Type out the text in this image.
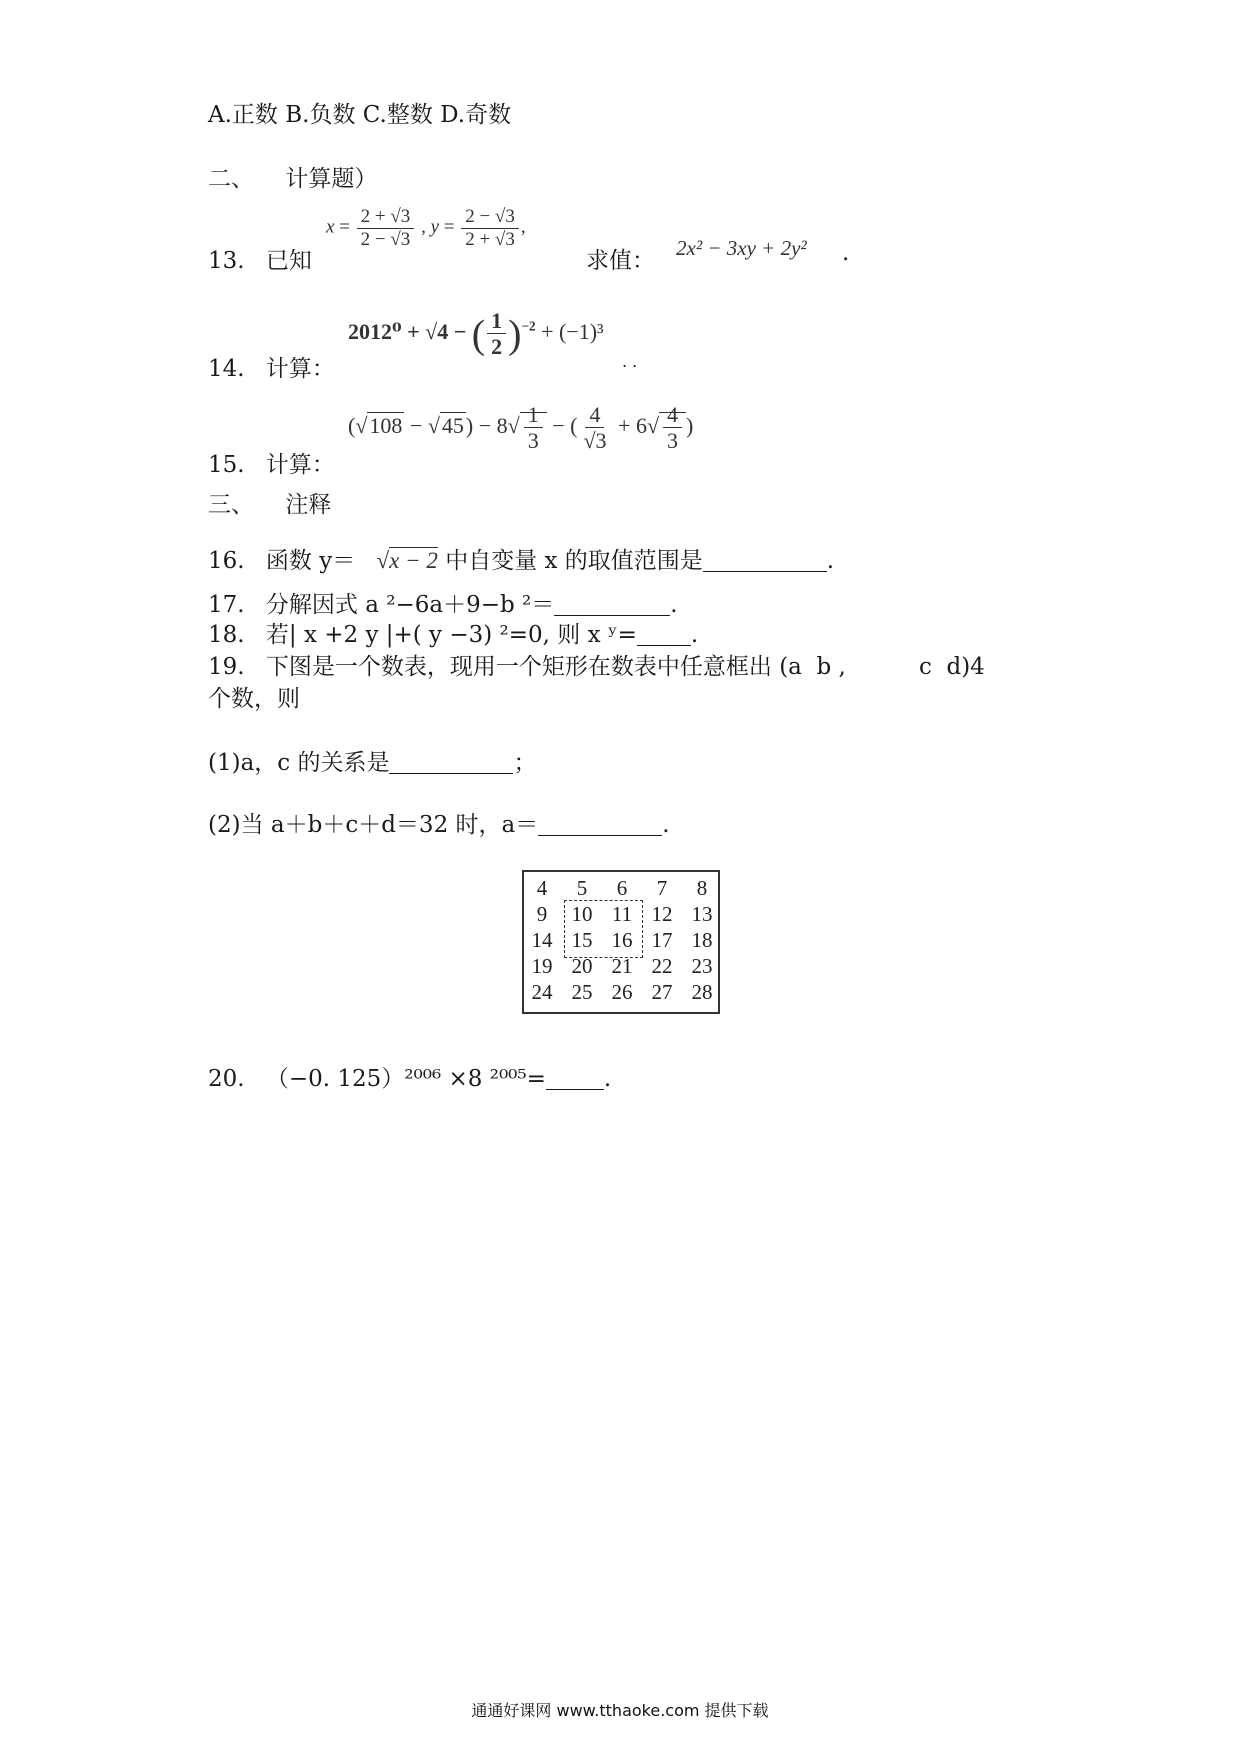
A.正数 B.负数 C.整数 D.奇数
二、 计算题）
13. 已知
$x = \frac{2 + √3}{2 - √3}$ , $y = \frac{2 - √3}{2 + √3}$ ,
求值： 2x² − 3xy + 2y² .
14. 计算：
2012⁰ + √4 − ( $\frac{1}{2} )^{-2} + (-1)^3$
. .
15. 计算：
$(√108 - √45) - 8√ \frac{1}{3}$ − ( $\frac{4}{√3} + 6√ \frac{4}{3}$ )
三、 注释
16. 函数 y＝ √x − 2 中自变量 x 的取值范围是	.
17. 分解因式 a ²−6a＋9−b ²＝	.
18. 若| x +2 y |+( y −3) ²=0, 则 x ʸ= .
19. 下图是一个数表，现用一个矩形在数表中任意框出 (a  b ,          c  d)4
个数，则
(1)a，c 的关系是	；
(2)当 a＋b＋c＋d＝32 时，a＝	.
4	5	6	7	8
9	10 11 12 13
14 15 16 17 18
19 20 21 22 23
24 25 26 27 28
20. （−0. 125）²⁰⁰⁶ ×8 ²⁰⁰⁵=	.
通通好课网 www.tthaoke.com 提供下载
